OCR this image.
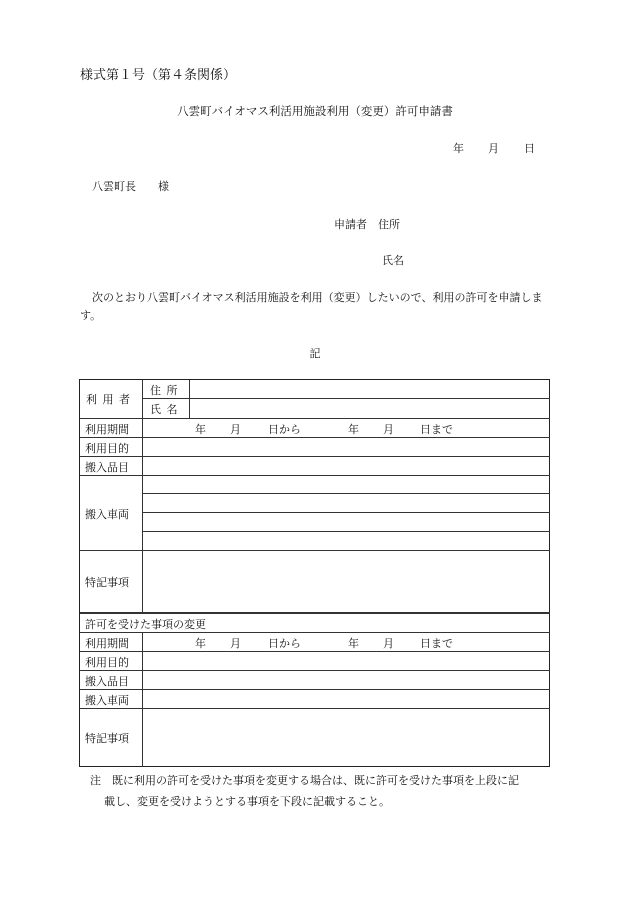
様式第１号（第４条関係）
八雲町バイオマス利活用施設利用（変更）許可申請書
年 月 日
八雲町長　　様
申請者　住所
氏名
次のとおり八雲町バイオマス利活用施設を利用（変更）したいので、利用の許可を申請します。
記
利 用 者
住 所
氏 名
利用期間	年 月 日から	年 月 日まで
利用目的
搬入品目
搬入車両
特記事項
許可を受けた事項の変更
利用期間	年 月 日から	年 月 日まで
利用目的
搬入品目
搬入車両
特記事項
注　既に利用の許可を受けた事項を変更する場合は、既に許可を受けた事項を上段に記
載し、変更を受けようとする事項を下段に記載すること。
